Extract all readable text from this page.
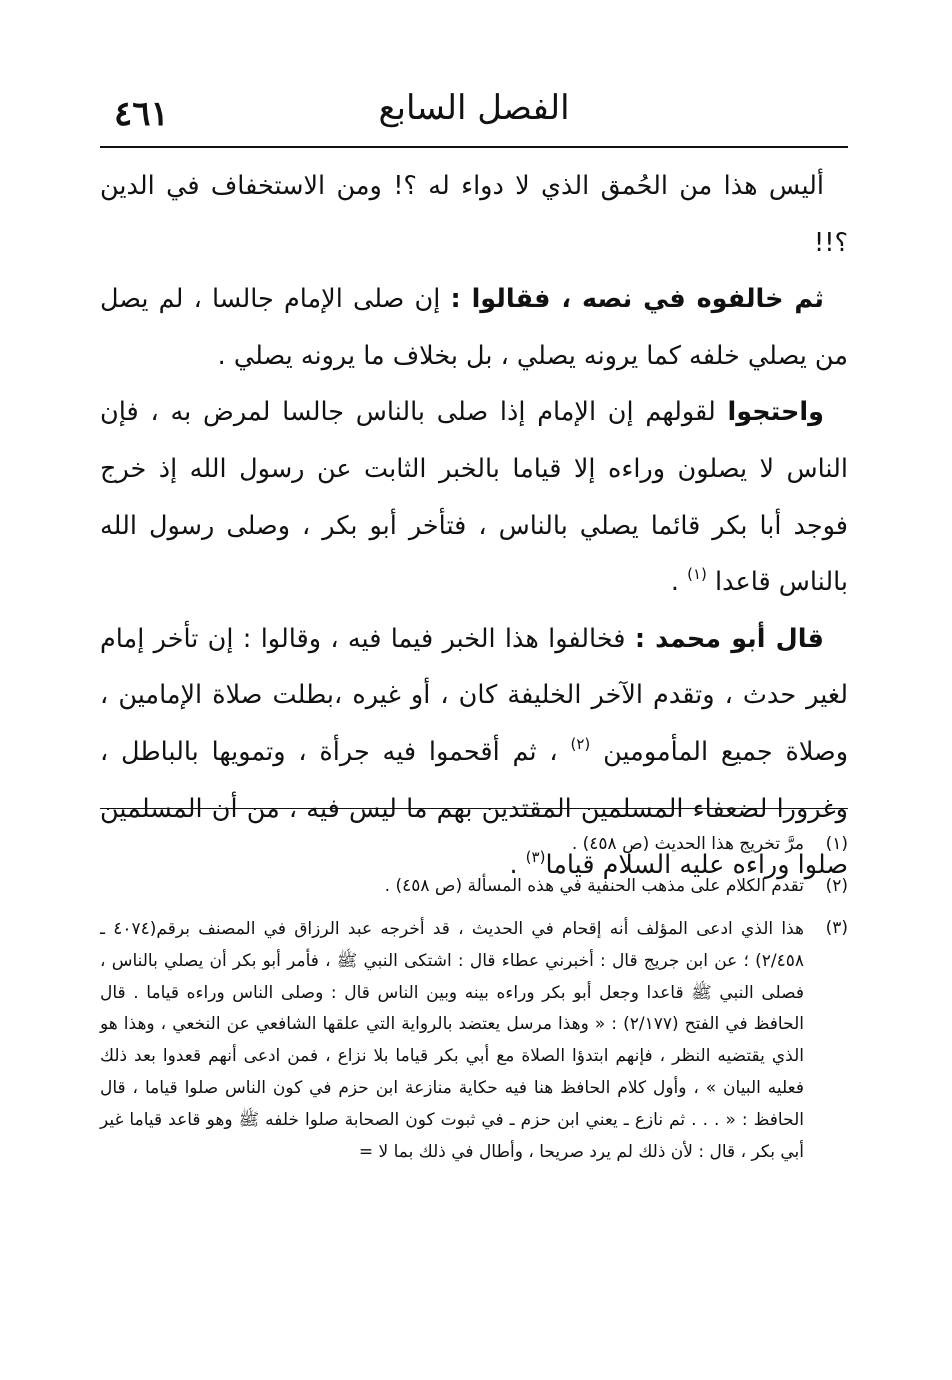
الفصل السابع
٤٦١

أليس هذا من الحُمق الذي لا دواء له ؟! ومن الاستخفاف في الدين ؟!!

ثم خالفوه في نصه ، فقالوا : إن صلى الإمام جالسا ، لم يصل من يصلي خلفه كما يرونه يصلي ، بل بخلاف ما يرونه يصلي .

واحتجوا لقولهم إن الإمام إذا صلى بالناس جالسا لمرض به ، فإن الناس لا يصلون وراءه إلا قياما بالخبر الثابت عن رسول الله إذ خرج فوجد أبا بكر قائما يصلي بالناس ، فتأخر أبو بكر ، وصلى رسول الله بالناس قاعدا $^{(١)}$ .

قال أبو محمد : فخالفوا هذا الخبر فيما فيه ، وقالوا : إن تأخر إمام لغير حدث ، وتقدم الآخر الخليفة كان ، أو غيره ،بطلت صلاة الإمامين ، وصلاة جميع المأمومين $^{(٢)}$ ، ثم أقحموا فيه جرأة ، وتمويها بالباطل ، وغرورا لضعفاء المسلمين المقتدين بهم ما ليس فيه ، من أن المسلمين صلوا وراءه عليه السلام قياما$^{(٣)}$ .

(١)
مرَّ تخريج هذا الحديث (ص ٤٥٨) .
(٢)
تقدم الكلام على مذهب الحنفية في هذه المسألة (ص ٤٥٨) .
(٣)
هذا الذي ادعى المؤلف أنه إقحام في الحديث ، قد أخرجه عبد الرزاق في المصنف برقم(٤٠٧٤ ـ ٢/٤٥٨) ؛ عن ابن جريج قال : أخبرني عطاء قال : اشتكى النبي ﷺ ، فأمر أبو بكر أن يصلي بالناس ، فصلى النبي ﷺ قاعدا وجعل أبو بكر وراءه بينه وبين الناس قال : وصلى الناس وراءه قياما . قال الحافظ في الفتح (٢/١٧٧) : « وهذا مرسل يعتضد بالرواية التي علقها الشافعي عن النخعي ، وهذا هو الذي يقتضيه النظر ، فإنهم ابتدؤا الصلاة مع أبي بكر قياما بلا نزاع ، فمن ادعى أنهم قعدوا بعد ذلك فعليه البيان » ، وأول كلام الحافظ هنا فيه حكاية منازعة ابن حزم في كون الناس صلوا قياما ، قال الحافظ : « . . . ثم نازع ـ يعني ابن حزم ـ في ثبوت كون الصحابة صلوا خلفه ﷺ وهو قاعد قياما غير أبي بكر ، قال : لأن ذلك لم يرد صريحا ، وأطال في ذلك بما لا =
